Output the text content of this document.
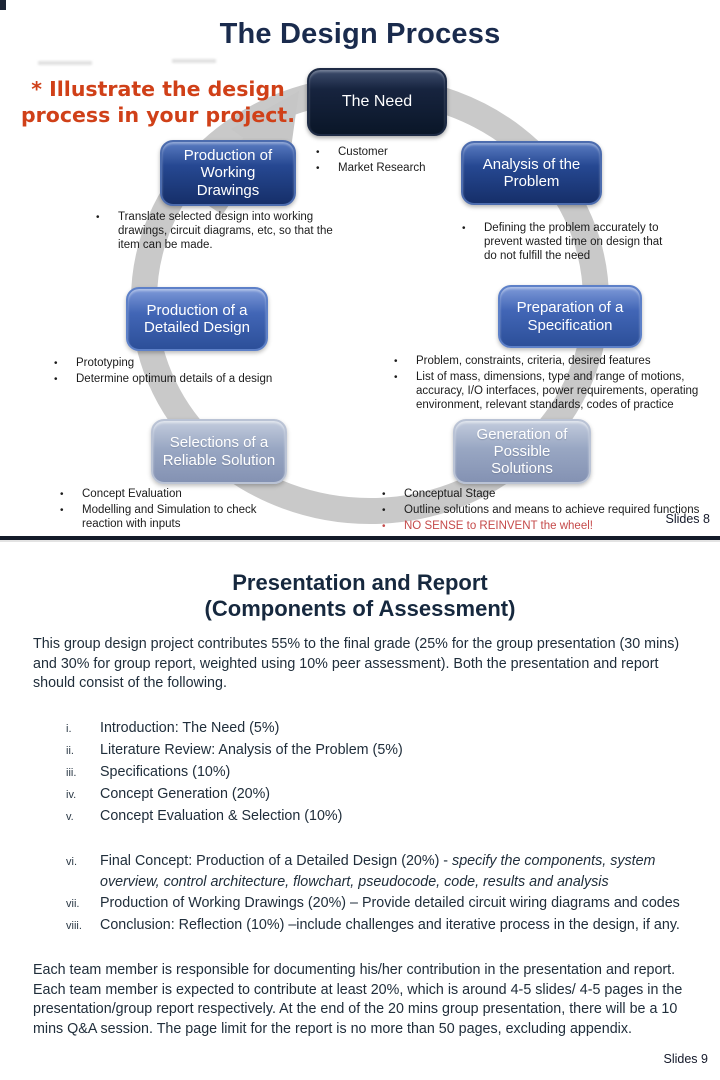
The Design Process
* Illustrate the design
process in your project.
The Need
Analysis of the Problem
Production of Working Drawings
Production of a Detailed Design
Preparation of a Specification
Selections of a Reliable Solution
Generation of Possible Solutions
•	Customer
•	Market Research
•	Translate selected design into working drawings, circuit diagrams, etc, so that the item can be made.
•	Defining the problem accurately to prevent wasted time on design that do not fulfill the need
•	Prototyping
•	Determine optimum details of a design
•	Problem, constraints, criteria, desired features
•	List of mass, dimensions, type and range of motions, accuracy, I/O interfaces, power requirements, operating environment, relevant standards, codes of practice
•	Concept Evaluation
•	Modelling and Simulation to check reaction with inputs
•	Conceptual Stage
•	Outline solutions and means to achieve required functions
•	NO SENSE to REINVENT the wheel!	Slides 8
Presentation and Report
(Components of Assessment)

This group design project contributes 55% to the final grade (25% for the group presentation (30 mins) and 30% for group report, weighted using 10% peer assessment). Both the presentation and report should consist of the following.

i.	Introduction: The Need (5%)
ii.	Literature Review: Analysis of the Problem (5%)
iii.	Specifications (10%)
iv.	Concept Generation (20%)
v.	Concept Evaluation & Selection (10%)
vi.	Final Concept: Production of a Detailed Design (20%) - specify the components, system overview, control architecture, flowchart, pseudocode, code, results and analysis
vii.	Production of Working Drawings (20%) – Provide detailed circuit wiring diagrams and codes
viii.	Conclusion: Reflection (10%) –include challenges and iterative process in the design, if any.

Each team member is responsible for documenting his/her contribution in the presentation and report. Each team member is expected to contribute at least 20%, which is around 4-5 slides/ 4-5 pages in the presentation/group report respectively. At the end of the 20 mins group presentation, there will be a 10 mins Q&A session. The page limit for the report is no more than 50 pages, excluding appendix.

Slides 9
